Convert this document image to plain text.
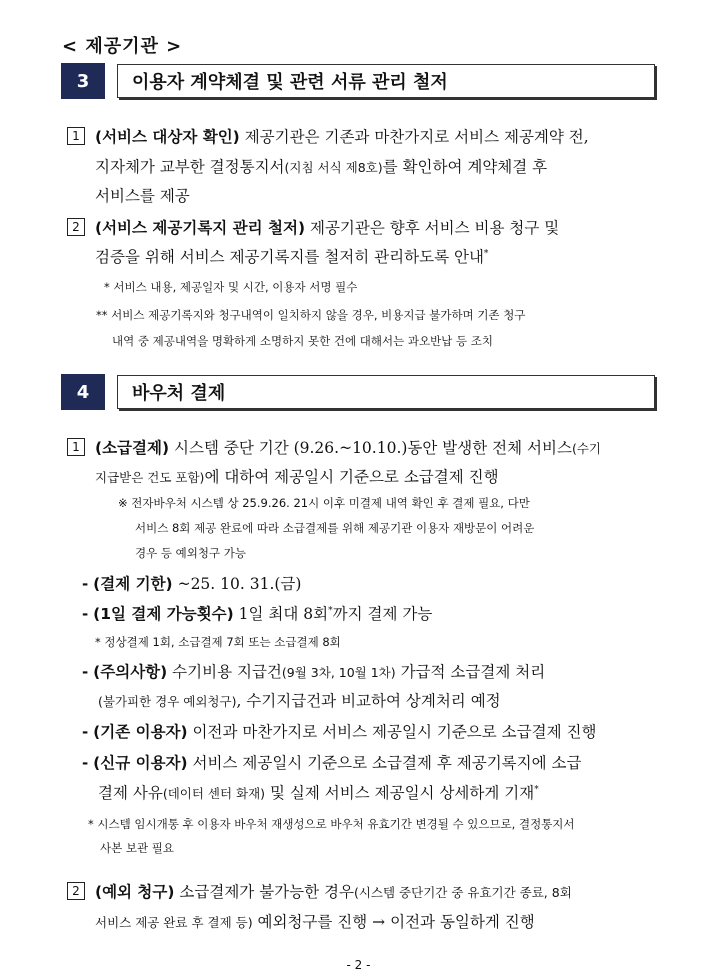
< 제공기관 >
3	이용자 계약체결 및 관련 서류 관리 철저
1 (서비스 대상자 확인) 제공기관은 기존과 마찬가지로 서비스 제공계약 전,
지자체가 교부한 결정통지서(지침 서식 제8호)를 확인하여 계약체결 후
서비스를 제공
2 (서비스 제공기록지 관리 철저) 제공기관은 향후 서비스 비용 청구 및
검증을 위해 서비스 제공기록지를 철저히 관리하도록 안내*
* 서비스 내용, 제공일자 및 시간, 이용자 서명 필수
** 서비스 제공기록지와 청구내역이 일치하지 않을 경우, 비용지급 불가하며 기존 청구
내역 중 제공내역을 명확하게 소명하지 못한 건에 대해서는 과오반납 등 조치
4	바우처 결제
1 (소급결제) 시스템 중단 기간 (9.26.~10.10.)동안 발생한 전체 서비스(수기
지급받은 건도 포함)에 대하여 제공일시 기준으로 소급결제 진행
※ 전자바우처 시스템 상 25.9.26. 21시 이후 미결제 내역 확인 후 결제 필요, 다만
서비스 8회 제공 완료에 따라 소급결제를 위해 제공기관 이용자 재방문이 어려운
경우 등 예외청구 가능
- (결제 기한) ~25. 10. 31.(금)
- (1일 결제 가능횟수) 1일 최대 8회*까지 결제 가능
* 정상결제 1회, 소급결제 7회 또는 소급결제 8회
- (주의사항) 수기비용 지급건(9월 3차, 10월 1차) 가급적 소급결제 처리
(불가피한 경우 예외청구), 수기지급건과 비교하여 상계처리 예정
- (기존 이용자) 이전과 마찬가지로 서비스 제공일시 기준으로 소급결제 진행
- (신규 이용자) 서비스 제공일시 기준으로 소급결제 후 제공기록지에 소급
결제 사유(데이터 센터 화재) 및 실제 서비스 제공일시 상세하게 기재*
* 시스템 임시개통 후 이용자 바우처 재생성으로 바우처 유효기간 변경될 수 있으므로, 결정통지서
사본 보관 필요
2 (예외 청구) 소급결제가 불가능한 경우(시스템 중단기간 중 유효기간 종료, 8회
서비스 제공 완료 후 결제 등) 예외청구를 진행 → 이전과 동일하게 진행
- 2 -
